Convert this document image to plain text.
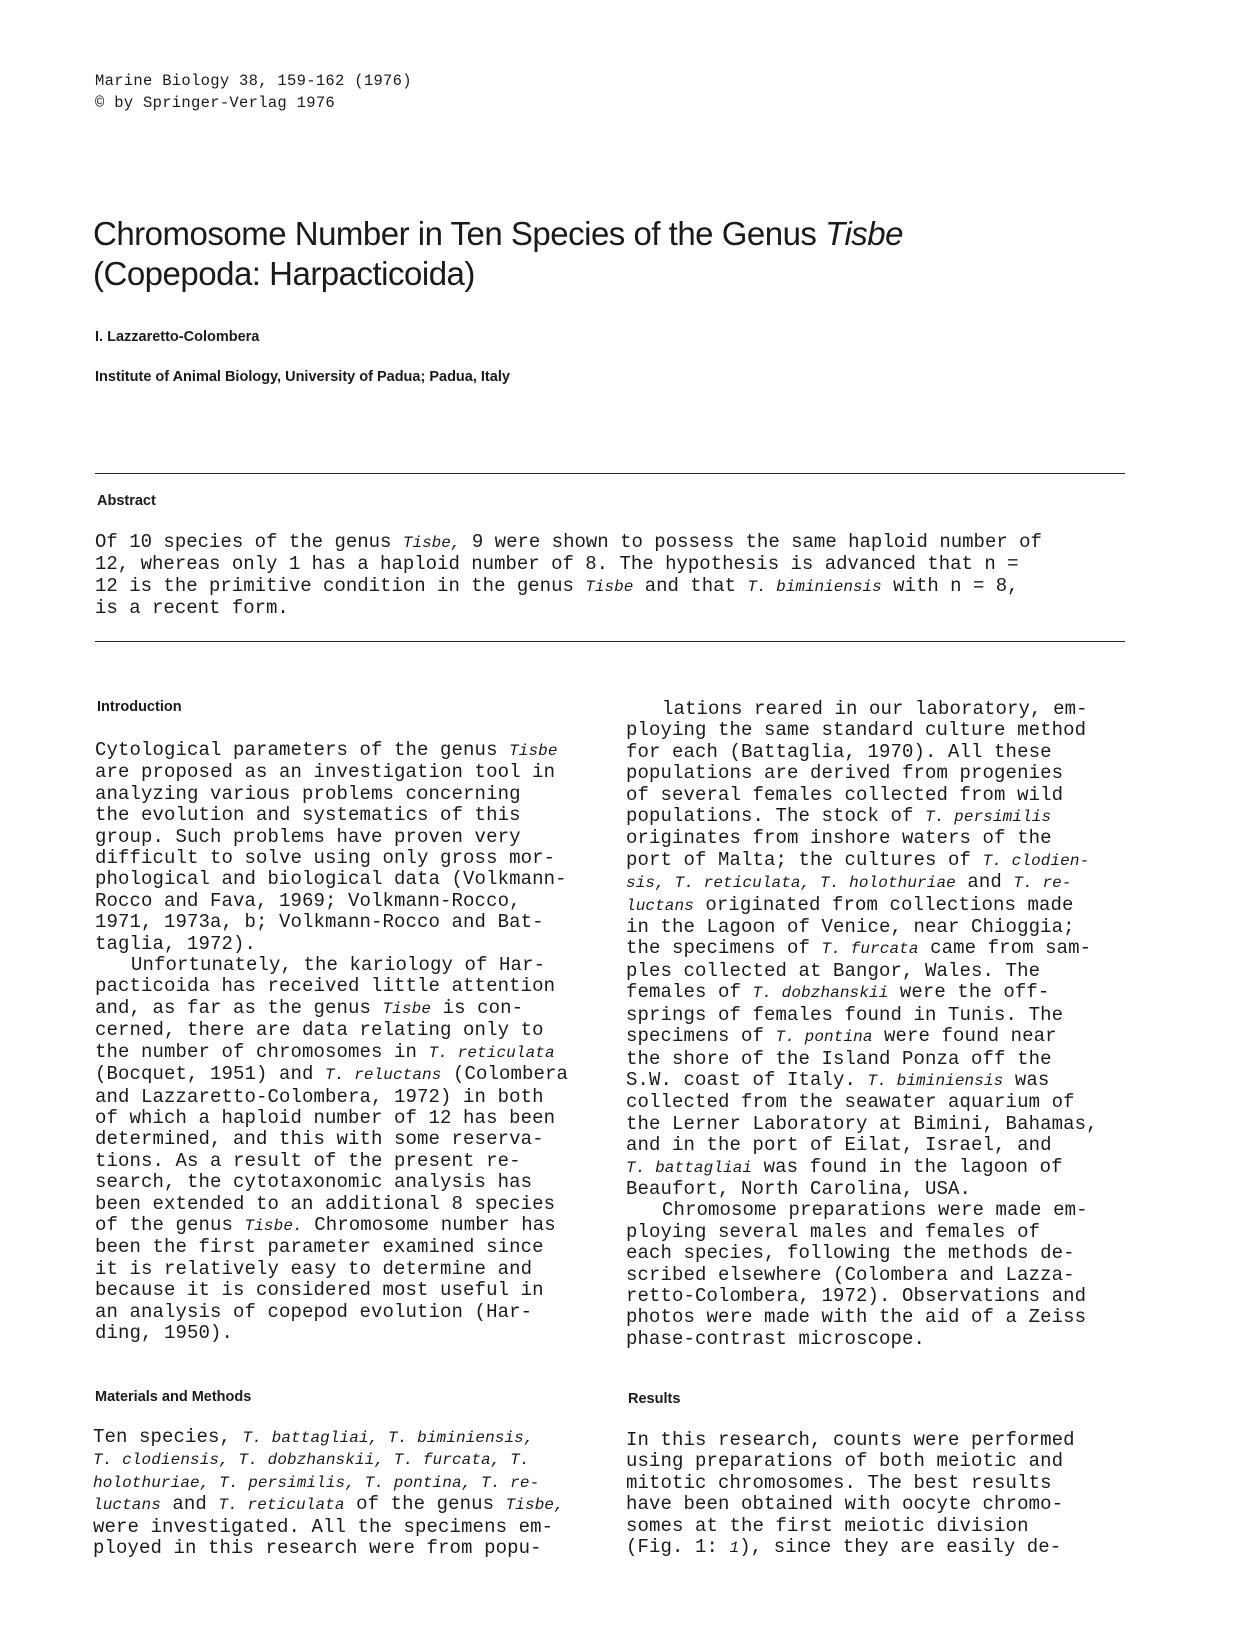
Marine Biology 38, 159-162 (1976)
© by Springer-Verlag 1976
Chromosome Number in Ten Species of the Genus Tisbe
(Copepoda: Harpacticoida)
I. Lazzaretto-Colombera
Institute of Animal Biology, University of Padua; Padua, Italy
Abstract
Of 10 species of the genus Tisbe, 9 were shown to possess the same haploid number of
12, whereas only 1 has a haploid number of 8. The hypothesis is advanced that n =
12 is the primitive condition in the genus Tisbe and that T. biminiensis with n = 8,
is a recent form.
Introduction
Cytological parameters of the genus Tisbe
are proposed as an investigation tool in
analyzing various problems concerning
the evolution and systematics of this
group. Such problems have proven very
difficult to solve using only gross mor-
phological and biological data (Volkmann-
Rocco and Fava, 1969; Volkmann-Rocco,
1971, 1973a, b; Volkmann-Rocco and Bat-
taglia, 1972).
Unfortunately, the kariology of Har-
pacticoida has received little attention
and, as far as the genus Tisbe is con-
cerned, there are data relating only to
the number of chromosomes in T. reticulata
(Bocquet, 1951) and T. reluctans (Colombera
and Lazzaretto-Colombera, 1972) in both
of which a haploid number of 12 has been
determined, and this with some reserva-
tions. As a result of the present re-
search, the cytotaxonomic analysis has
been extended to an additional 8 species
of the genus Tisbe. Chromosome number has
been the first parameter examined since
it is relatively easy to determine and
because it is considered most useful in
an analysis of copepod evolution (Har-
ding, 1950).
Materials and Methods
Ten species, T. battagliai, T. biminiensis,
T. clodiensis, T. dobzhanskii, T. furcata, T.
holothuriae, T. persimilis, T. pontina, T. re-
luctans and T. reticulata of the genus Tisbe,
were investigated. All the specimens em-
ployed in this research were from popu-
lations reared in our laboratory, em-
ploying the same standard culture method
for each (Battaglia, 1970). All these
populations are derived from progenies
of several females collected from wild
populations. The stock of T. persimilis
originates from inshore waters of the
port of Malta; the cultures of T. clodien-
sis, T. reticulata, T. holothuriae and T. re-
luctans originated from collections made
in the Lagoon of Venice, near Chioggia;
the specimens of T. furcata came from sam-
ples collected at Bangor, Wales. The
females of T. dobzhanskii were the off-
springs of females found in Tunis. The
specimens of T. pontina were found near
the shore of the Island Ponza off the
S.W. coast of Italy. T. biminiensis was
collected from the seawater aquarium of
the Lerner Laboratory at Bimini, Bahamas,
and in the port of Eilat, Israel, and
T. battagliai was found in the lagoon of
Beaufort, North Carolina, USA.
Chromosome preparations were made em-
ploying several males and females of
each species, following the methods de-
scribed elsewhere (Colombera and Lazza-
retto-Colombera, 1972). Observations and
photos were made with the aid of a Zeiss
phase-contrast microscope.
Results
In this research, counts were performed
using preparations of both meiotic and
mitotic chromosomes. The best results
have been obtained with oocyte chromo-
somes at the first meiotic division
(Fig. 1: 1), since they are easily de-
